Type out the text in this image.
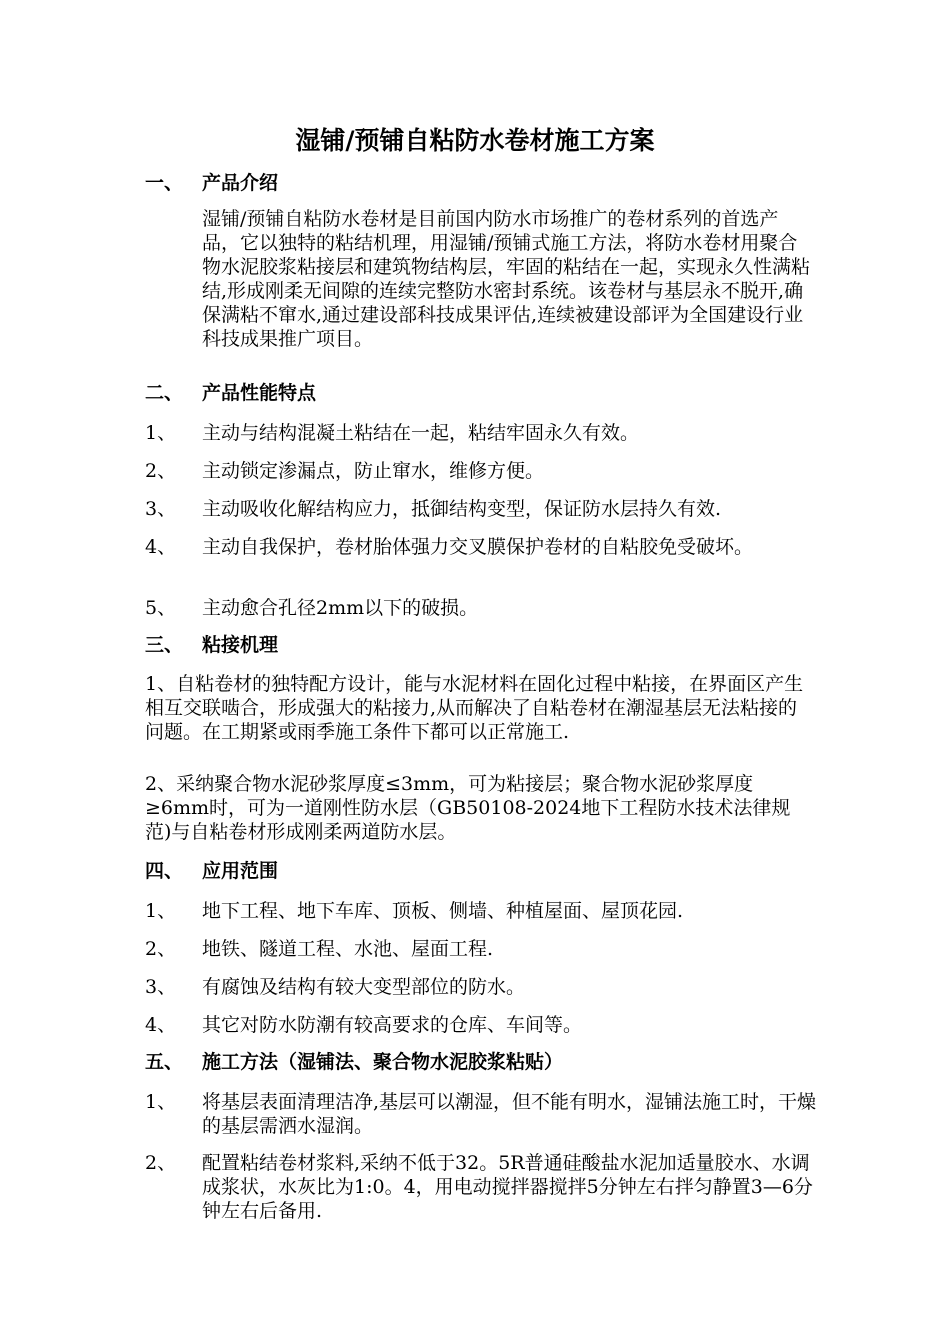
湿铺/预铺自粘防水卷材施工方案
一、 产品介绍
湿铺/预铺自粘防水卷材是目前国内防水市场推广的卷材系列的首选产品，它以独特的粘结机理，用湿铺/预铺式施工方法，将防水卷材用聚合物水泥胶浆粘接层和建筑物结构层，牢固的粘结在一起，实现永久性满粘结,形成刚柔无间隙的连续完整防水密封系统。该卷材与基层永不脱开,确保满粘不窜水,通过建设部科技成果评估,连续被建设部评为全国建设行业科技成果推广项目。
二、 产品性能特点
1、 主动与结构混凝土粘结在一起，粘结牢固永久有效。
2、 主动锁定渗漏点，防止窜水，维修方便。
3、 主动吸收化解结构应力，抵御结构变型，保证防水层持久有效.
4、 主动自我保护，卷材胎体强力交叉膜保护卷材的自粘胶免受破坏。
5、 主动愈合孔径2mm以下的破损。
三、 粘接机理
1、自粘卷材的独特配方设计，能与水泥材料在固化过程中粘接，在界面区产生相互交联啮合，形成强大的粘接力,从而解决了自粘卷材在潮湿基层无法粘接的问题。在工期紧或雨季施工条件下都可以正常施工.
2、采纳聚合物水泥砂浆厚度≤3mm，可为粘接层；聚合物水泥砂浆厚度≥6mm时，可为一道刚性防水层（GB50108-2024地下工程防水技术法律规范)与自粘卷材形成刚柔两道防水层。
四、 应用范围
1、 地下工程、地下车库、顶板、侧墙、种植屋面、屋顶花园.
2、 地铁、隧道工程、水池、屋面工程.
3、 有腐蚀及结构有较大变型部位的防水。
4、 其它对防水防潮有较高要求的仓库、车间等。
五、 施工方法（湿铺法、聚合物水泥胶浆粘贴）
1、 将基层表面清理洁净,基层可以潮湿，但不能有明水，湿铺法施工时，干燥的基层需洒水湿润。
2、 配置粘结卷材浆料,采纳不低于32。5R普通硅酸盐水泥加适量胶水、水调成浆状，水灰比为1:0。4，用电动搅拌器搅拌5分钟左右拌匀静置3—6分钟左右后备用.
